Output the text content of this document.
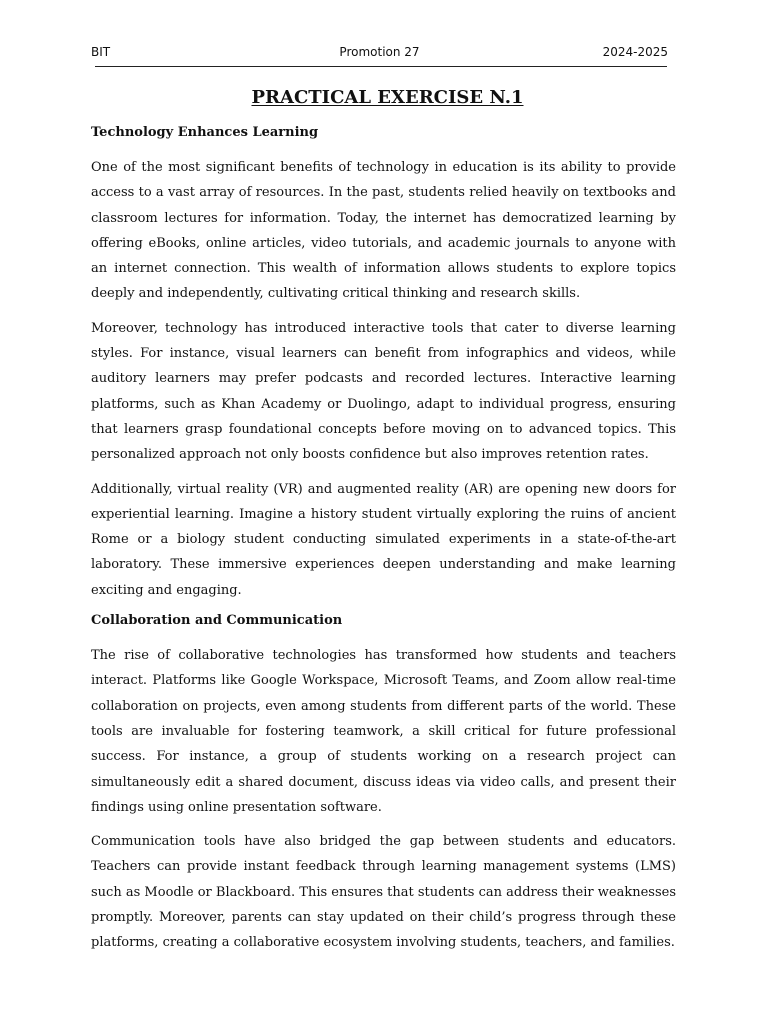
BIT	Promotion 27	2024-2025
PRACTICAL EXERCISE N.1
Technology Enhances Learning

One of the most significant benefits of technology in education is its ability to provide access to a vast array of resources. In the past, students relied heavily on textbooks and classroom lectures for information. Today, the internet has democratized learning by offering eBooks, online articles, video tutorials, and academic journals to anyone with an internet connection. This wealth of information allows students to explore topics deeply and independently, cultivating critical thinking and research skills.

Moreover, technology has introduced interactive tools that cater to diverse learning styles. For instance, visual learners can benefit from infographics and videos, while auditory learners may prefer podcasts and recorded lectures. Interactive learning platforms, such as Khan Academy or Duolingo, adapt to individual progress, ensuring that learners grasp foundational concepts before moving on to advanced topics. This personalized approach not only boosts confidence but also improves retention rates.

Additionally, virtual reality (VR) and augmented reality (AR) are opening new doors for experiential learning. Imagine a history student virtually exploring the ruins of ancient Rome or a biology student conducting simulated experiments in a state-of-the-art laboratory. These immersive experiences deepen understanding and make learning exciting and engaging.

Collaboration and Communication

The rise of collaborative technologies has transformed how students and teachers interact. Platforms like Google Workspace, Microsoft Teams, and Zoom allow real-time collaboration on projects, even among students from different parts of the world. These tools are invaluable for fostering teamwork, a skill critical for future professional success. For instance, a group of students working on a research project can simultaneously edit a shared document, discuss ideas via video calls, and present their findings using online presentation software.

Communication tools have also bridged the gap between students and educators. Teachers can provide instant feedback through learning management systems (LMS) such as Moodle or Blackboard. This ensures that students can address their weaknesses promptly. Moreover, parents can stay updated on their child’s progress through these platforms, creating a collaborative ecosystem involving students, teachers, and families.
